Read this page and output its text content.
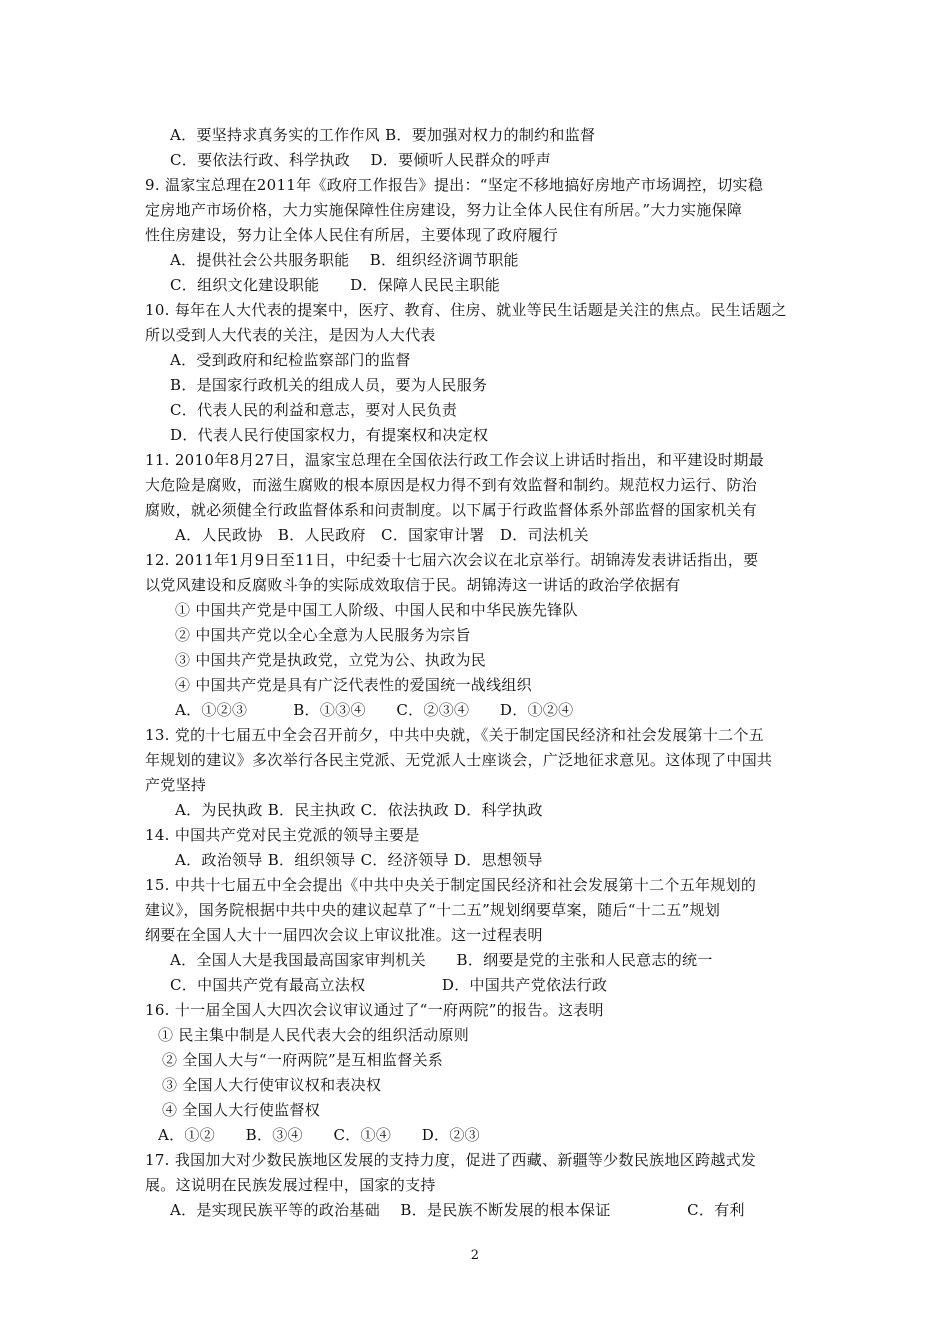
A．要坚持求真务实的工作作风 B．要加强对权力的制约和监督
C．要依法行政、科学执政　 D．要倾听人民群众的呼声
9. 温家宝总理在2011年《政府工作报告》提出：“坚定不移地搞好房地产市场调控，切实稳
定房地产市场价格，大力实施保障性住房建设，努力让全体人民住有所居。”大力实施保障
性住房建设，努力让全体人民住有所居，主要体现了政府履行
A．提供社会公共服务职能　 B．组织经济调节职能
C．组织文化建设职能　　D．保障人民民主职能
10. 每年在人大代表的提案中，医疗、教育、住房、就业等民生话题是关注的焦点。民生话题之
所以受到人大代表的关注，是因为人大代表
A．受到政府和纪检监察部门的监督
B．是国家行政机关的组成人员，要为人民服务
C．代表人民的利益和意志，要对人民负责
D．代表人民行使国家权力，有提案权和决定权
11. 2010年8月27日，温家宝总理在全国依法行政工作会议上讲话时指出，和平建设时期最
大危险是腐败，而滋生腐败的根本原因是权力得不到有效监督和制约。规范权力运行、防治
腐败，就必须健全行政监督体系和问责制度。以下属于行政监督体系外部监督的国家机关有
A．人民政协　B．人民政府　C．国家审计署　D．司法机关
12. 2011年1月9日至11日，中纪委十七届六次会议在北京举行。胡锦涛发表讲话指出，要
以党风建设和反腐败斗争的实际成效取信于民。胡锦涛这一讲话的政治学依据有
① 中国共产党是中国工人阶级、中国人民和中华民族先锋队
② 中国共产党以全心全意为人民服务为宗旨
③ 中国共产党是执政党，立党为公、执政为民
④ 中国共产党是具有广泛代表性的爱国统一战线组织
A．①②③　　　B．①③④　　C．②③④　　D．①②④
13. 党的十七届五中全会召开前夕，中共中央就，《关于制定国民经济和社会发展第十二个五
年规划的建议》多次举行各民主党派、无党派人士座谈会，广泛地征求意见。这体现了中国共
产党坚持
A．为民执政 B．民主执政 C．依法执政 D．科学执政
14. 中国共产党对民主党派的领导主要是
A．政治领导 B．组织领导 C．经济领导 D．思想领导
15. 中共十七届五中全会提出《中共中央关于制定国民经济和社会发展第十二个五年规划的
建议》，国务院根据中共中央的建议起草了“十二五”规划纲要草案，随后“十二五”规划
纲要在全国人大十一届四次会议上审议批准。这一过程表明
A．全国人大是我国最高国家审判机关　　B．纲要是党的主张和人民意志的统一
C．中国共产党有最高立法权　　　　　D．中国共产党依法行政
16. 十一届全国人大四次会议审议通过了“一府两院”的报告。这表明
① 民主集中制是人民代表大会的组织活动原则
② 全国人大与“一府两院”是互相监督关系
③ 全国人大行使审议权和表决权
④ 全国人大行使监督权
A．①②　　B．③④　　C．①④　　D．②③
17. 我国加大对少数民族地区发展的支持力度，促进了西藏、新疆等少数民族地区跨越式发
展。这说明在民族发展过程中，国家的支持
A．是实现民族平等的政治基础　 B．是民族不断发展的根本保证　　　　　C．有利
2
